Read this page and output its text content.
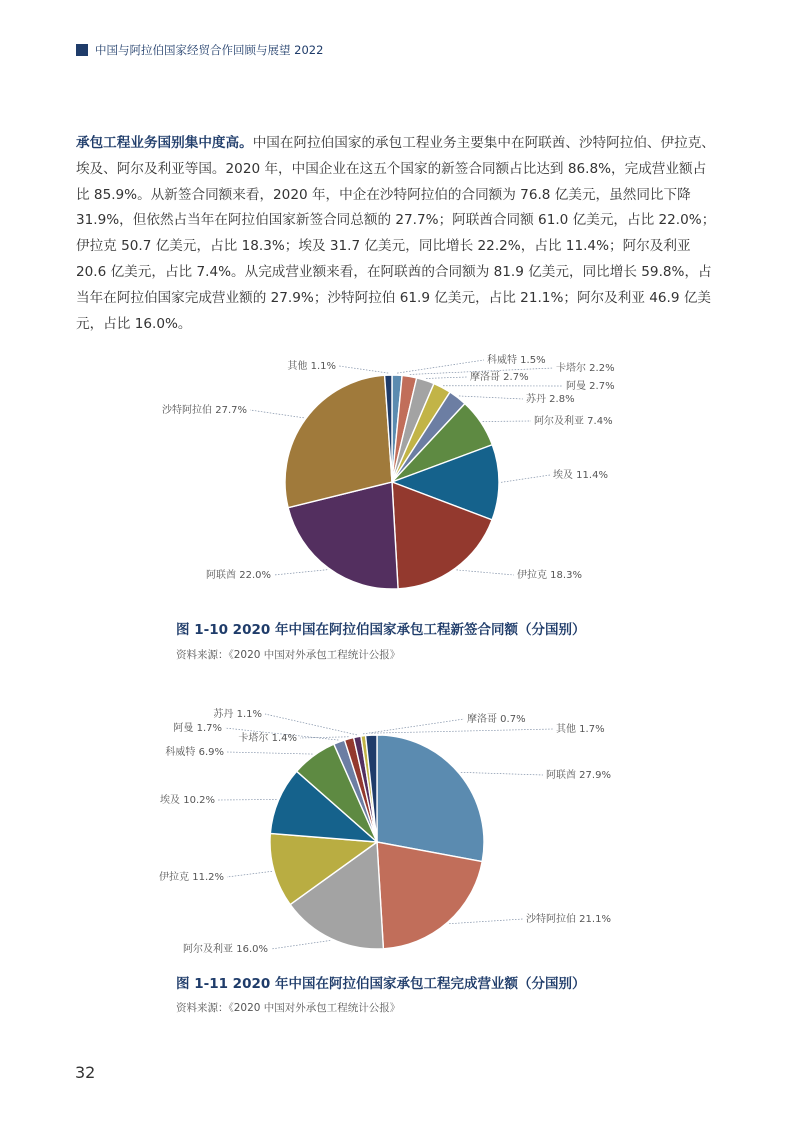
中国与阿拉伯国家经贸合作回顾与展望 2022

承包工程业务国别集中度高。中国在阿拉伯国家的承包工程业务主要集中在阿联酋、沙特阿拉伯、伊拉克、埃及、阿尔及利亚等国。2020 年，中国企业在这五个国家的新签合同额占比达到 86.8%，完成营业额占比 85.9%。从新签合同额来看，2020 年，中企在沙特阿拉伯的合同额为 76.8 亿美元，虽然同比下降 31.9%，但依然占当年在阿拉伯国家新签合同总额的 27.7%；阿联酋合同额 61.0 亿美元，占比 22.0%；伊拉克 50.7 亿美元，占比 18.3%；埃及 31.7 亿美元，同比增长 22.2%，占比 11.4%；阿尔及利亚 20.6 亿美元，占比 7.4%。从完成营业额来看，在阿联酋的合同额为 81.9 亿美元，同比增长 59.8%，占当年在阿拉伯国家完成营业额的 27.9%；沙特阿拉伯 61.9 亿美元，占比 21.1%；阿尔及利亚 46.9 亿美元，占比 16.0%。

科威特 1.5%
卡塔尔 2.2%
摩洛哥 2.7%
阿曼 2.7%
苏丹 2.8%
阿尔及利亚 7.4%
埃及 11.4%
伊拉克 18.3%
阿联酋 22.0%
沙特阿拉伯 27.7%
其他 1.1%
图 1-10 2020 年中国在阿拉伯国家承包工程新签合同额（分国别）
资料来源：《2020 中国对外承包工程统计公报》
阿联酋 27.9%
沙特阿拉伯 21.1%
阿尔及利亚 16.0%
伊拉克 11.2%
埃及 10.2%
科威特 6.9%
阿曼 1.7%
卡塔尔 1.4%
苏丹 1.1%	摩洛哥 0.7%
其他 1.7%
图 1-11 2020 年中国在阿拉伯国家承包工程完成营业额（分国别）
资料来源：《2020 中国对外承包工程统计公报》
32
